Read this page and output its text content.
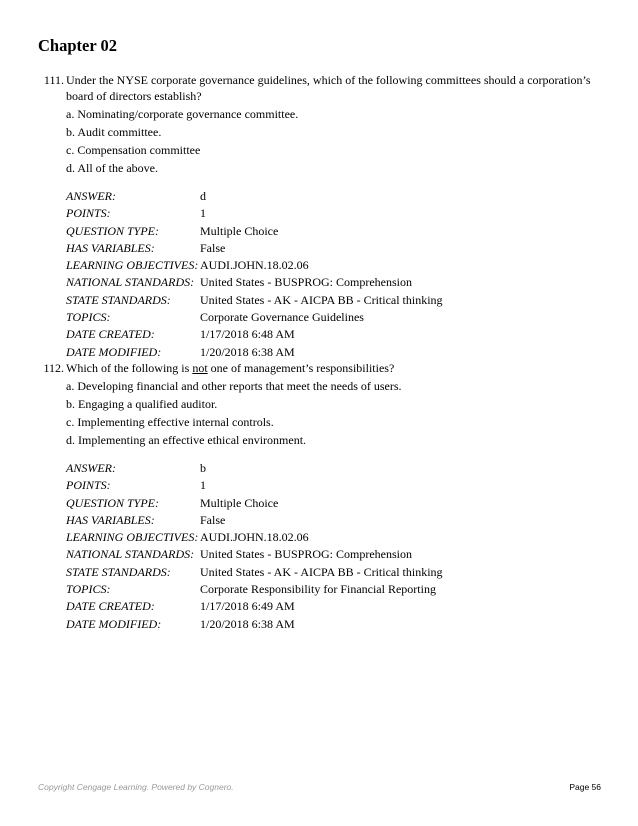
Chapter 02
111. Under the NYSE corporate governance guidelines, which of the following committees should a corporation’s board of directors establish?
a. Nominating/corporate governance committee.
b. Audit committee.
c. Compensation committee
d. All of the above.
ANSWER:	d
POINTS:	1
QUESTION TYPE:	Multiple Choice
HAS VARIABLES:	False
LEARNING OBJECTIVES: AUDI.JOHN.18.02.06
NATIONAL STANDARDS: United States - BUSPROG: Comprehension
STATE STANDARDS:	United States - AK - AICPA BB - Critical thinking
TOPICS:	Corporate Governance Guidelines
DATE CREATED:	1/17/2018 6:48 AM
DATE MODIFIED:	1/20/2018 6:38 AM
112. Which of the following is not one of management’s responsibilities?
a. Developing financial and other reports that meet the needs of users.
b. Engaging a qualified auditor.
c. Implementing effective internal controls.
d. Implementing an effective ethical environment.
ANSWER:	b
POINTS:	1
QUESTION TYPE:	Multiple Choice
HAS VARIABLES:	False
LEARNING OBJECTIVES: AUDI.JOHN.18.02.06
NATIONAL STANDARDS: United States - BUSPROG: Comprehension
STATE STANDARDS:	United States - AK - AICPA BB - Critical thinking
TOPICS:	Corporate Responsibility for Financial Reporting
DATE CREATED:	1/17/2018 6:49 AM
DATE MODIFIED:	1/20/2018 6:38 AM
Copyright Cengage Learning. Powered by Cognero.	Page 56
